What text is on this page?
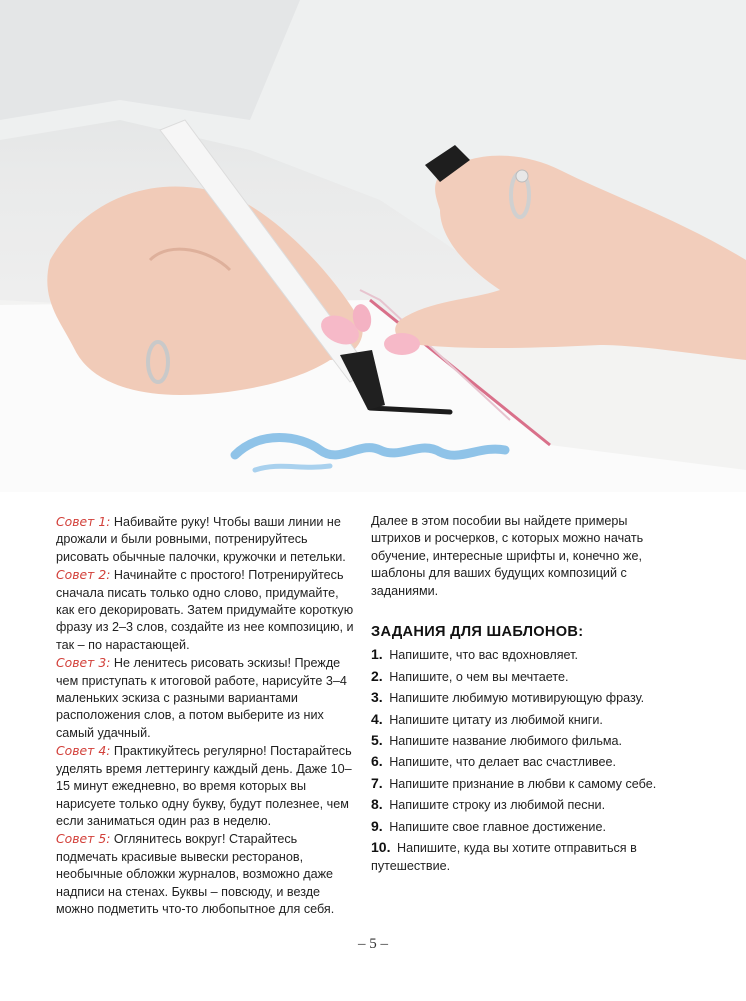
Совет 1: Набивайте руку! Чтобы ваши линии не дрожали и были ровными, потренируйтесь рисовать обычные палочки, кружочки и петельки.

Совет 2: Начинайте с простого! Потренируйтесь сначала писать только одно слово, придумайте, как его декорировать. Затем придумайте короткую фразу из 2–3 слов, создайте из нее композицию, и так – по нарастающей.

Совет 3: Не ленитесь рисовать эскизы! Прежде чем приступать к итоговой работе, нарисуйте 3–4 маленьких эскиза с разными вариантами расположения слов, а потом выберите из них самый удачный.

Совет 4: Практикуйтесь регулярно! Постарайтесь уделять время леттерингу каждый день. Даже 10–15 минут ежедневно, во время которых вы нарисуете только одну букву, будут полезнее, чем если заниматься один раз в неделю.

Совет 5: Оглянитесь вокруг! Старайтесь подмечать красивые вывески ресторанов, необычные обложки журналов, возможно даже надписи на стенах. Буквы – повсюду, и везде можно подметить что-то любопытное для себя.

Далее в этом пособии вы найдете примеры штрихов и росчерков, с которых можно начать обучение, интересные шрифты и, конечно же, шаблоны для ваших будущих композиций с заданиями.

ЗАДАНИЯ ДЛЯ ШАБЛОНОВ:

1. Напишите, что вас вдохновляет.
2. Напишите, о чем вы мечтаете.
3. Напишите любимую мотивирующую фразу.
4. Напишите цитату из любимой книги.
5. Напишите название любимого фильма.
6. Напишите, что делает вас счастливее.
7. Напишите признание в любви к самому себе.
8. Напишите строку из любимой песни.
9. Напишите свое главное достижение.
10. Напишите, куда вы хотите отправиться в путешествие.
– 5 –
